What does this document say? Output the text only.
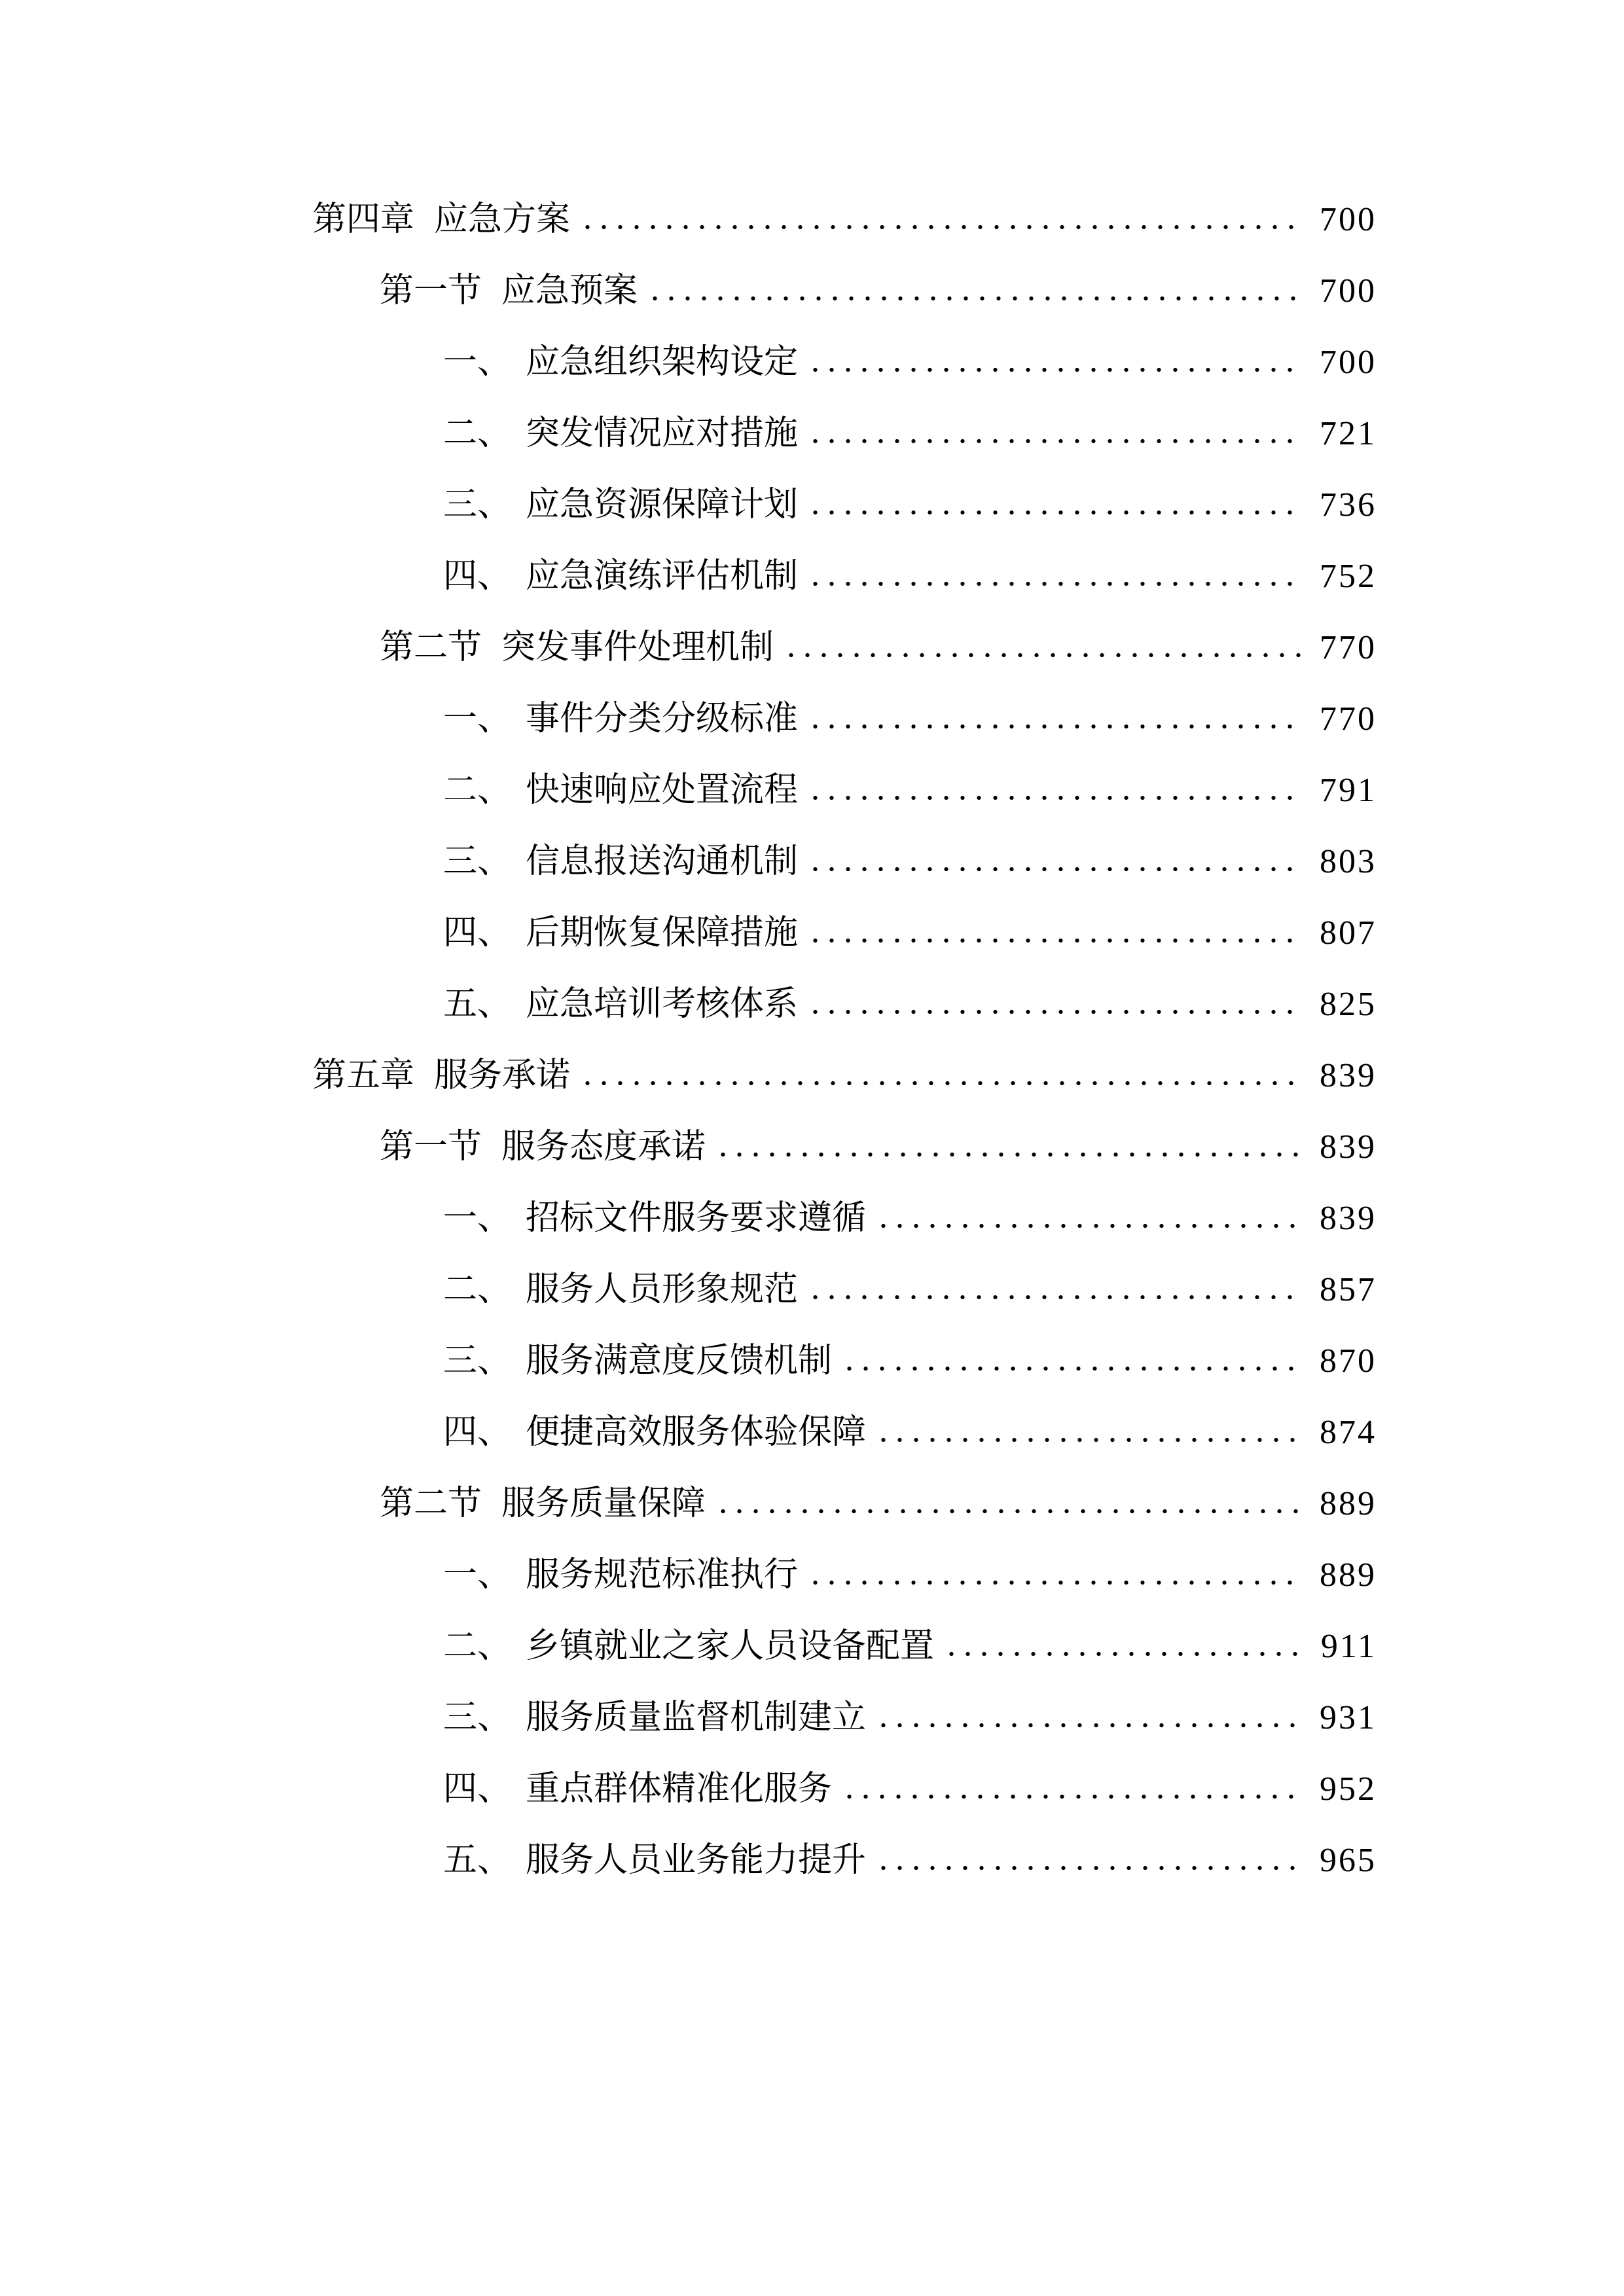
第四章 应急方案	700
第一节 应急预案	700
一、 应急组织架构设定	700
二、 突发情况应对措施	721
三、 应急资源保障计划	736
四、 应急演练评估机制	752
第二节 突发事件处理机制	770
一、 事件分类分级标准	770
二、 快速响应处置流程	791
三、 信息报送沟通机制	803
四、 后期恢复保障措施	807
五、 应急培训考核体系	825
第五章 服务承诺	839
第一节 服务态度承诺	839
一、 招标文件服务要求遵循	839
二、 服务人员形象规范	857
三、 服务满意度反馈机制	870
四、 便捷高效服务体验保障	874
第二节 服务质量保障	889
一、 服务规范标准执行	889
二、 乡镇就业之家人员设备配置	911
三、 服务质量监督机制建立	931
四、 重点群体精准化服务	952
五、 服务人员业务能力提升	965
